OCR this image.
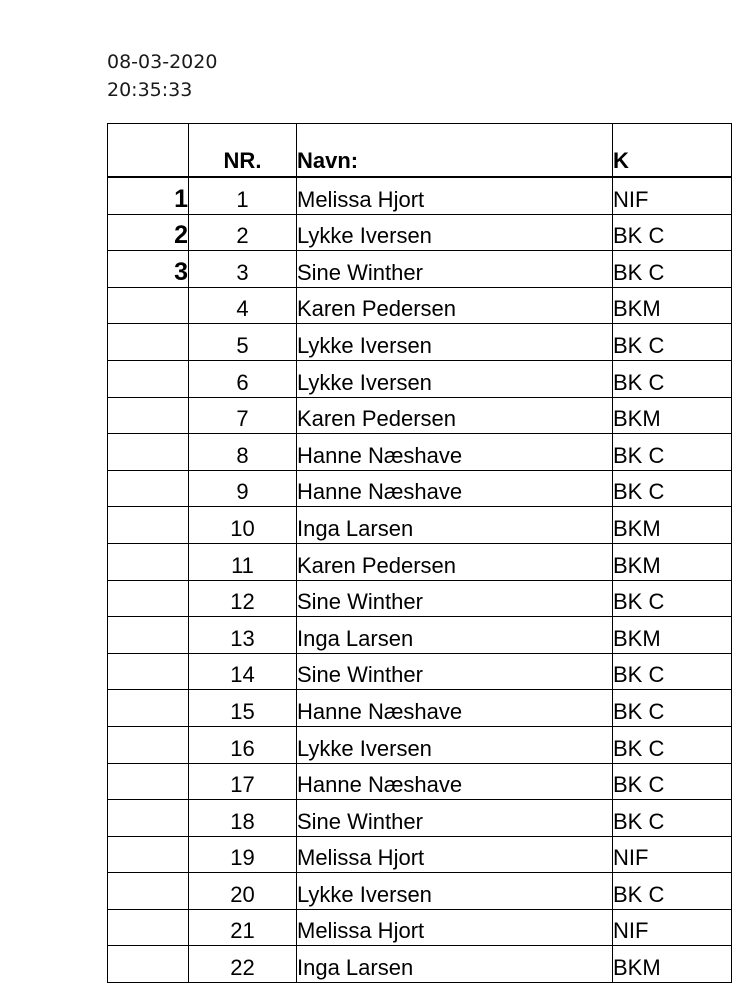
08-03-2020
20:35:33
	NR.	Navn:	K
1	1	Melissa Hjort	NIF
2	2	Lykke Iversen	BK C
3	3	Sine Winther	BK C
	4	Karen Pedersen	BKM
	5	Lykke Iversen	BK C
	6	Lykke Iversen	BK C
	7	Karen Pedersen	BKM
	8	Hanne Næshave	BK C
	9	Hanne Næshave	BK C
	10	Inga Larsen	BKM
	11	Karen Pedersen	BKM
	12	Sine Winther	BK C
	13	Inga Larsen	BKM
	14	Sine Winther	BK C
	15	Hanne Næshave	BK C
	16	Lykke Iversen	BK C
	17	Hanne Næshave	BK C
	18	Sine Winther	BK C
	19	Melissa Hjort	NIF
	20	Lykke Iversen	BK C
	21	Melissa Hjort	NIF
	22	Inga Larsen	BKM
